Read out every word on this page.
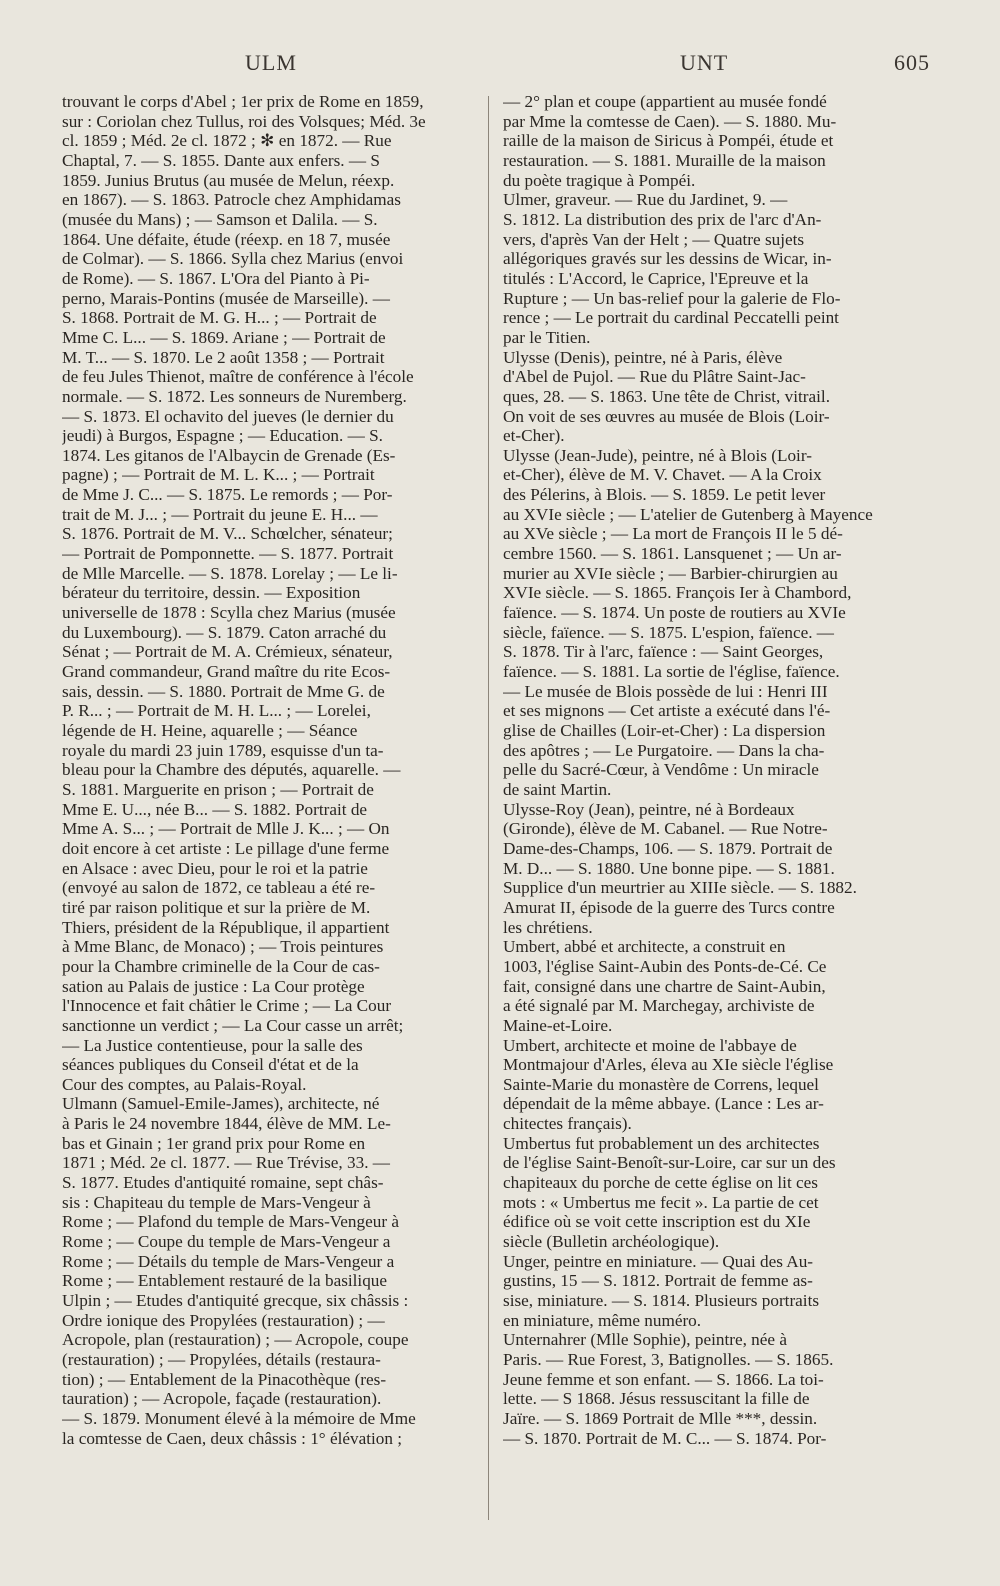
ULM	UNT	605
trouvant le corps d'Abel ; 1er prix de Rome en 1859,
sur : Coriolan chez Tullus, roi des Volsques; Méd. 3e
cl. 1859 ; Méd. 2e cl. 1872 ; ✻ en 1872. — Rue
Chaptal, 7. — S. 1855. Dante aux enfers. — S
1859. Junius Brutus (au musée de Melun, réexp.
en 1867). — S. 1863. Patrocle chez Amphidamas
(musée du Mans) ; — Samson et Dalila. — S.
1864. Une défaite, étude (réexp. en 18 7, musée
de Colmar). — S. 1866. Sylla chez Marius (envoi
de Rome). — S. 1867. L'Ora del Pianto à Pi-
perno, Marais-Pontins (musée de Marseille). —
S. 1868. Portrait de M. G. H... ; — Portrait de
Mme C. L... — S. 1869. Ariane ; — Portrait de
M. T... — S. 1870. Le 2 août 1358 ; — Portrait
de feu Jules Thienot, maître de conférence à l'école
normale. — S. 1872. Les sonneurs de Nuremberg.
— S. 1873. El ochavito del jueves (le dernier du
jeudi) à Burgos, Espagne ; — Education. — S.
1874. Les gitanos de l'Albaycin de Grenade (Es-
pagne) ; — Portrait de M. L. K... ; — Portrait
de Mme J. C... — S. 1875. Le remords ; — Por-
trait de M. J... ; — Portrait du jeune E. H... —
S. 1876. Portrait de M. V... Schœlcher, sénateur;
— Portrait de Pomponnette. — S. 1877. Portrait
de Mlle Marcelle. — S. 1878. Lorelay ; — Le li-
bérateur du territoire, dessin. — Exposition
universelle de 1878 : Scylla chez Marius (musée
du Luxembourg). — S. 1879. Caton arraché du
Sénat ; — Portrait de M. A. Crémieux, sénateur,
Grand commandeur, Grand maître du rite Ecos-
sais, dessin. — S. 1880. Portrait de Mme G. de
P. R... ; — Portrait de M. H. L... ; — Lorelei,
légende de H. Heine, aquarelle ; — Séance
royale du mardi 23 juin 1789, esquisse d'un ta-
bleau pour la Chambre des députés, aquarelle. —
S. 1881. Marguerite en prison ; — Portrait de
Mme E. U..., née B... — S. 1882. Portrait de
Mme A. S... ; — Portrait de Mlle J. K... ; — On
doit encore à cet artiste : Le pillage d'une ferme
en Alsace : avec Dieu, pour le roi et la patrie
(envoyé au salon de 1872, ce tableau a été re-
tiré par raison politique et sur la prière de M.
Thiers, président de la République, il appartient
à Mme Blanc, de Monaco) ; — Trois peintures
pour la Chambre criminelle de la Cour de cas-
sation au Palais de justice : La Cour protège
l'Innocence et fait châtier le Crime ; — La Cour
sanctionne un verdict ; — La Cour casse un arrêt;
— La Justice contentieuse, pour la salle des
séances publiques du Conseil d'état et de la
Cour des comptes, au Palais-Royal.
Ulmann (Samuel-Emile-James), architecte, né
à Paris le 24 novembre 1844, élève de MM. Le-
bas et Ginain ; 1er grand prix pour Rome en
1871 ; Méd. 2e cl. 1877. — Rue Trévise, 33. —
S. 1877. Etudes d'antiquité romaine, sept châs-
sis : Chapiteau du temple de Mars-Vengeur à
Rome ; — Plafond du temple de Mars-Vengeur à
Rome ; — Coupe du temple de Mars-Vengeur a
Rome ; — Détails du temple de Mars-Vengeur a
Rome ; — Entablement restauré de la basilique
Ulpin ; — Etudes d'antiquité grecque, six châssis :
Ordre ionique des Propylées (restauration) ; —
Acropole, plan (restauration) ; — Acropole, coupe
(restauration) ; — Propylées, détails (restaura-
tion) ; — Entablement de la Pinacothèque (res-
tauration) ; — Acropole, façade (restauration).
— S. 1879. Monument élevé à la mémoire de Mme
la comtesse de Caen, deux châssis : 1° élévation ;
— 2° plan et coupe (appartient au musée fondé
par Mme la comtesse de Caen). — S. 1880. Mu-
raille de la maison de Siricus à Pompéi, étude et
restauration. — S. 1881. Muraille de la maison
du poète tragique à Pompéi.
Ulmer, graveur. — Rue du Jardinet, 9. —
S. 1812. La distribution des prix de l'arc d'An-
vers, d'après Van der Helt ; — Quatre sujets
allégoriques gravés sur les dessins de Wicar, in-
titulés : L'Accord, le Caprice, l'Epreuve et la
Rupture ; — Un bas-relief pour la galerie de Flo-
rence ; — Le portrait du cardinal Peccatelli peint
par le Titien.
Ulysse (Denis), peintre, né à Paris, élève
d'Abel de Pujol. — Rue du Plâtre Saint-Jac-
ques, 28. — S. 1863. Une tête de Christ, vitrail.
On voit de ses œuvres au musée de Blois (Loir-
et-Cher).
Ulysse (Jean-Jude), peintre, né à Blois (Loir-
et-Cher), élève de M. V. Chavet. — A la Croix
des Pélerins, à Blois. — S. 1859. Le petit lever
au XVIe siècle ; — L'atelier de Gutenberg à Mayence
au XVe siècle ; — La mort de François II le 5 dé-
cembre 1560. — S. 1861. Lansquenet ; — Un ar-
murier au XVIe siècle ; — Barbier-chirurgien au
XVIe siècle. — S. 1865. François Ier à Chambord,
faïence. — S. 1874. Un poste de routiers au XVIe
siècle, faïence. — S. 1875. L'espion, faïence. —
S. 1878. Tir à l'arc, faïence : — Saint Georges,
faïence. — S. 1881. La sortie de l'église, faïence.
— Le musée de Blois possède de lui : Henri III
et ses mignons — Cet artiste a exécuté dans l'é-
glise de Chailles (Loir-et-Cher) : La dispersion
des apôtres ; — Le Purgatoire. — Dans la cha-
pelle du Sacré-Cœur, à Vendôme : Un miracle
de saint Martin.
Ulysse-Roy (Jean), peintre, né à Bordeaux
(Gironde), élève de M. Cabanel. — Rue Notre-
Dame-des-Champs, 106. — S. 1879. Portrait de
M. D... — S. 1880. Une bonne pipe. — S. 1881.
Supplice d'un meurtrier au XIIIe siècle. — S. 1882.
Amurat II, épisode de la guerre des Turcs contre
les chrétiens.
Umbert, abbé et architecte, a construit en
1003, l'église Saint-Aubin des Ponts-de-Cé. Ce
fait, consigné dans une chartre de Saint-Aubin,
a été signalé par M. Marchegay, archiviste de
Maine-et-Loire.
Umbert, architecte et moine de l'abbaye de
Montmajour d'Arles, éleva au XIe siècle l'église
Sainte-Marie du monastère de Correns, lequel
dépendait de la même abbaye. (Lance : Les ar-
chitectes français).
Umbertus fut probablement un des architectes
de l'église Saint-Benoît-sur-Loire, car sur un des
chapiteaux du porche de cette église on lit ces
mots : « Umbertus me fecit ». La partie de cet
édifice où se voit cette inscription est du XIe
siècle (Bulletin archéologique).
Unger, peintre en miniature. — Quai des Au-
gustins, 15 — S. 1812. Portrait de femme as-
sise, miniature. — S. 1814. Plusieurs portraits
en miniature, même numéro.
Unternahrer (Mlle Sophie), peintre, née à
Paris. — Rue Forest, 3, Batignolles. — S. 1865.
Jeune femme et son enfant. — S. 1866. La toi-
lette. — S 1868. Jésus ressuscitant la fille de
Jaïre. — S. 1869 Portrait de Mlle ***, dessin.
— S. 1870. Portrait de M. C... — S. 1874. Por-
